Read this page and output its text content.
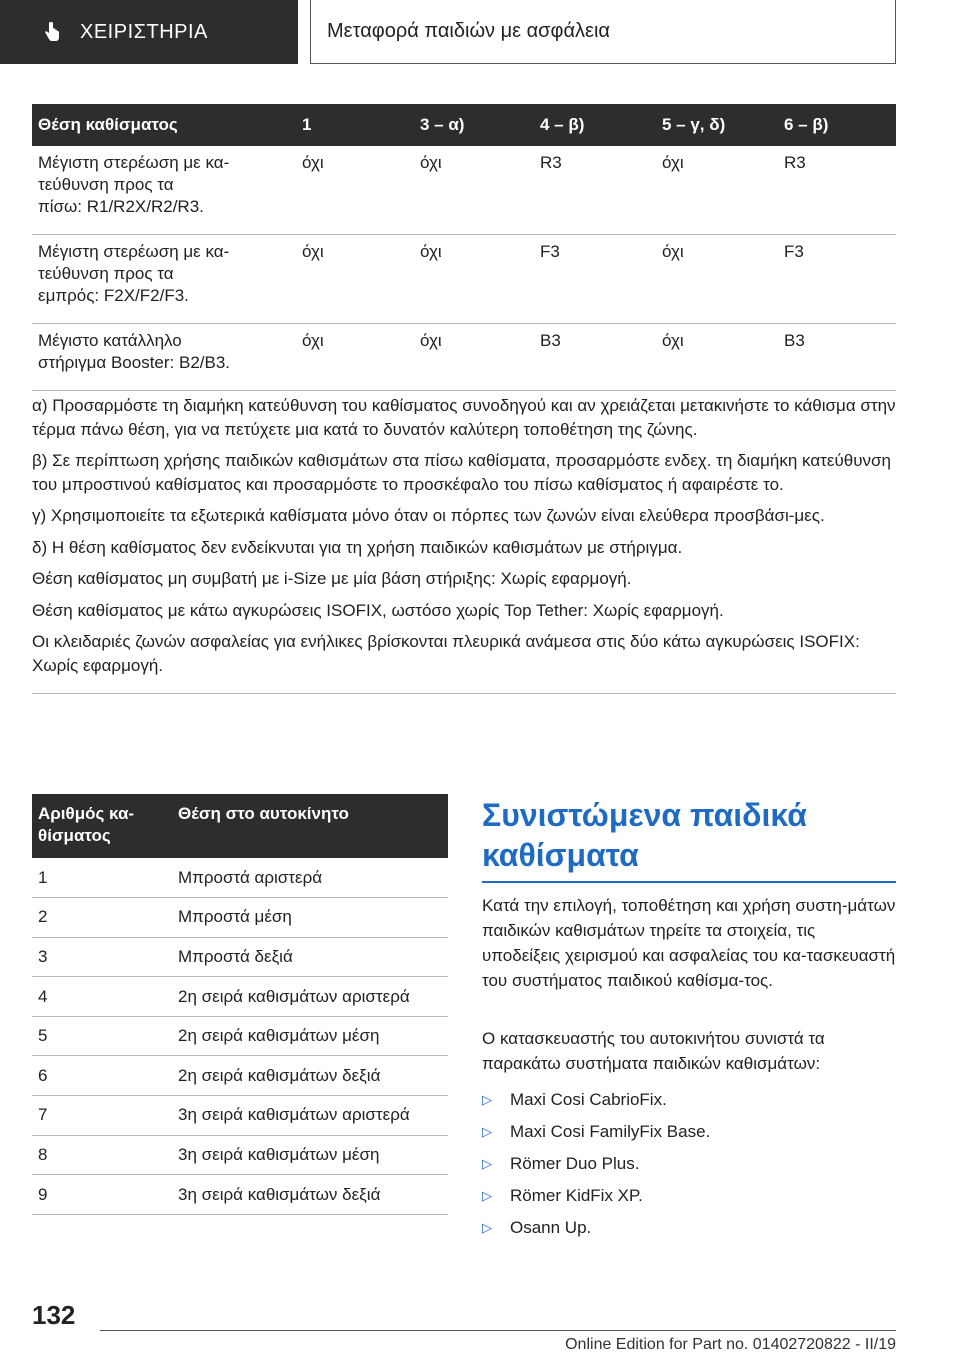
ΧΕΙΡΙΣΤΗΡΙΑ	Μεταφορά παιδιών με ασφάλεια
Θέση καθίσματος	1	3 – α)	4 – β)	5 – γ, δ)	6 – β)
Μέγιστη στερέωση με κα-
τεύθυνση προς τα
πίσω: R1/R2X/R2/R3.	όχι	όχι	R3	όχι	R3
Μέγιστη στερέωση με κα-
τεύθυνση προς τα
εμπρός: F2X/F2/F3.	όχι	όχι	F3	όχι	F3
Μέγιστο κατάλληλο
στήριγμα Booster: B2/B3.	όχι	όχι	B3	όχι	B3

α) Προσαρμόστε τη διαμήκη κατεύθυνση του καθίσματος συνοδηγού και αν χρειάζεται μετακινήστε το κάθισμα στην τέρμα πάνω θέση, για να πετύχετε μια κατά το δυνατόν καλύτερη τοποθέτηση της ζώνης.

β) Σε περίπτωση χρήσης παιδικών καθισμάτων στα πίσω καθίσματα, προσαρμόστε ενδεχ. τη διαμήκη κατεύθυνση του μπροστινού καθίσματος και προσαρμόστε το προσκέφαλο του πίσω καθίσματος ή αφαιρέστε το.

γ) Χρησιμοποιείτε τα εξωτερικά καθίσματα μόνο όταν οι πόρπες των ζωνών είναι ελεύθερα προσβάσι-μες.

δ) Η θέση καθίσματος δεν ενδείκνυται για τη χρήση παιδικών καθισμάτων με στήριγμα.

Θέση καθίσματος μη συμβατή με i-Size με μία βάση στήριξης: Χωρίς εφαρμογή.

Θέση καθίσματος με κάτω αγκυρώσεις ISOFIX, ωστόσο χωρίς Top Tether: Χωρίς εφαρμογή.

Οι κλειδαριές ζωνών ασφαλείας για ενήλικες βρίσκονται πλευρικά ανάμεσα στις δύο κάτω αγκυρώσεις ISOFIX: Χωρίς εφαρμογή.

Αριθμός κα-
θίσματος	Θέση στο αυτοκίνητο
1	Μπροστά αριστερά
2	Μπροστά μέση
3	Μπροστά δεξιά
4	2η σειρά καθισμάτων αριστερά
5	2η σειρά καθισμάτων μέση
6	2η σειρά καθισμάτων δεξιά
7	3η σειρά καθισμάτων αριστερά
8	3η σειρά καθισμάτων μέση
9	3η σειρά καθισμάτων δεξιά
Συνιστώμενα παιδικά καθίσματα

Κατά την επιλογή, τοποθέτηση και χρήση συστη-μάτων παιδικών καθισμάτων τηρείτε τα στοιχεία, τις υποδείξεις χειρισμού και ασφαλείας του κα-τασκευαστή του συστήματος παιδικού καθίσμα-τος.

Ο κατασκευαστής του αυτοκινήτου συνιστά τα παρακάτω συστήματα παιδικών καθισμάτων:

▷	Maxi Cosi CabrioFix.
▷	Maxi Cosi FamilyFix Base.
▷	Römer Duo Plus.
▷	Römer KidFix XP.
▷	Osann Up.
132
Online Edition for Part no. 01402720822 - II/19
